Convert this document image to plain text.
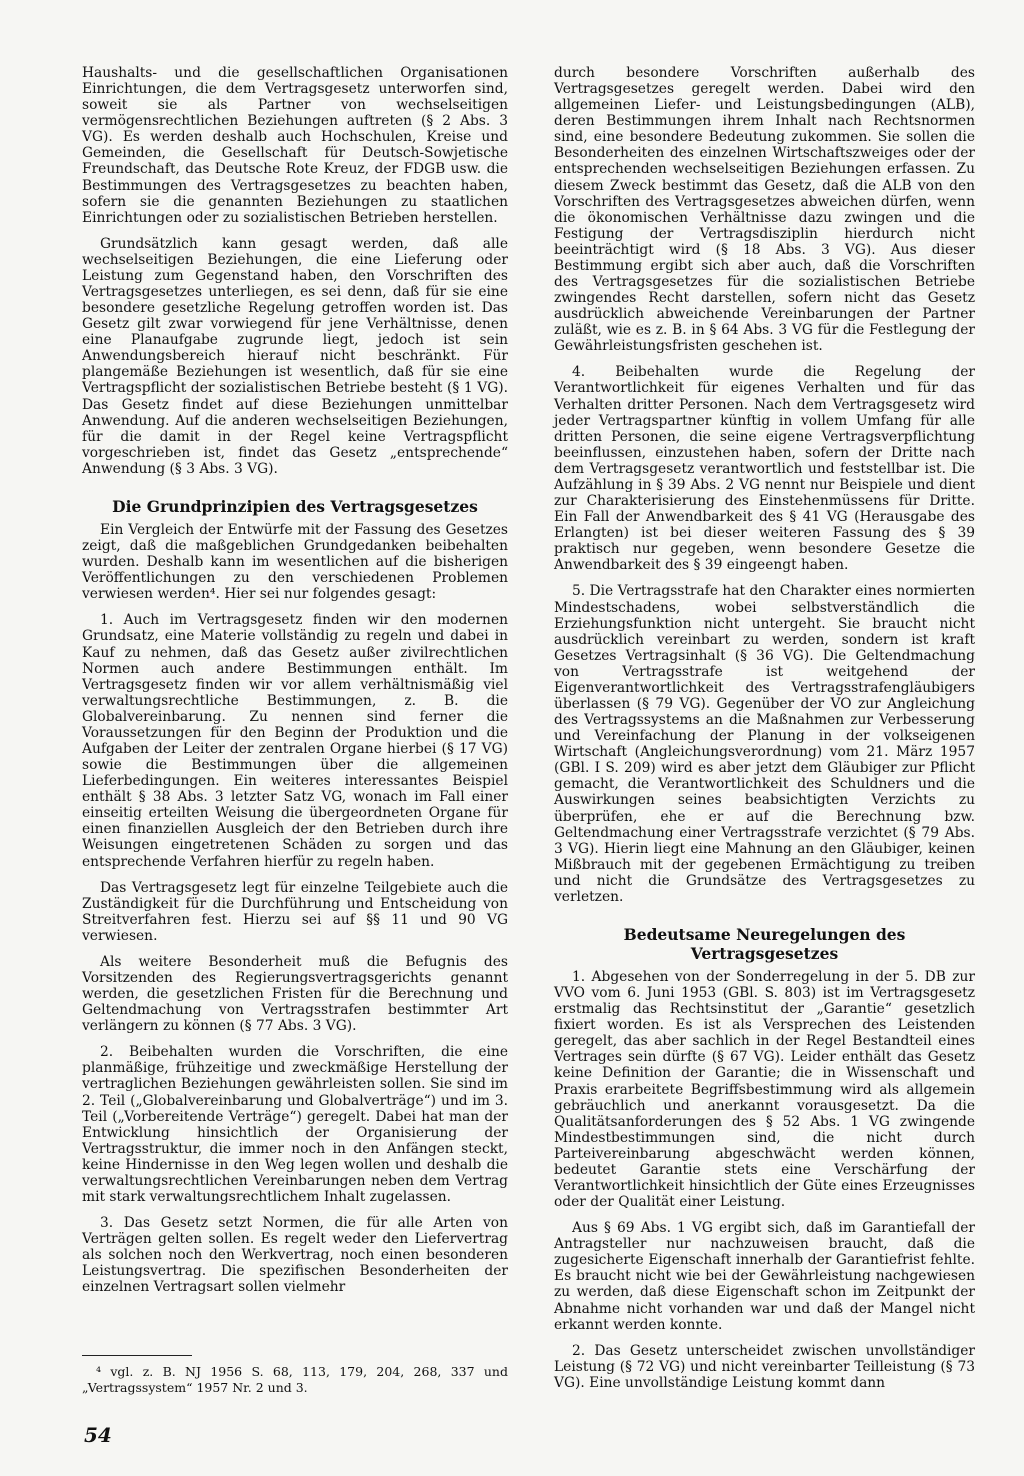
Haushalts- und die gesellschaftlichen Organisationen Einrichtungen, die dem Vertragsgesetz unterworfen sind, soweit sie als Partner von wechselseitigen vermögensrechtlichen Beziehungen auftreten (§ 2 Abs. 3 VG). Es werden deshalb auch Hochschulen, Kreise und Gemeinden, die Gesellschaft für Deutsch-Sowjetische Freundschaft, das Deutsche Rote Kreuz, der FDGB usw. die Bestimmungen des Vertragsgesetzes zu beachten haben, sofern sie die genannten Beziehungen zu staatlichen Einrichtungen oder zu sozialistischen Betrieben herstellen.

Grundsätzlich kann gesagt werden, daß alle wechselseitigen Beziehungen, die eine Lieferung oder Leistung zum Gegenstand haben, den Vorschriften des Vertragsgesetzes unterliegen, es sei denn, daß für sie eine besondere gesetzliche Regelung getroffen worden ist. Das Gesetz gilt zwar vorwiegend für jene Verhältnisse, denen eine Planaufgabe zugrunde liegt, jedoch ist sein Anwendungsbereich hierauf nicht beschränkt. Für plangemäße Beziehungen ist wesentlich, daß für sie eine Vertragspflicht der sozialistischen Betriebe besteht (§ 1 VG). Das Gesetz findet auf diese Beziehungen unmittelbar Anwendung. Auf die anderen wechselseitigen Beziehungen, für die damit in der Regel keine Vertragspflicht vorgeschrieben ist, findet das Gesetz „entsprechende“ Anwendung (§ 3 Abs. 3 VG).

Die Grundprinzipien des Vertragsgesetzes

Ein Vergleich der Entwürfe mit der Fassung des Gesetzes zeigt, daß die maßgeblichen Grundgedanken beibehalten wurden. Deshalb kann im wesentlichen auf die bisherigen Veröffentlichungen zu den verschiedenen Problemen verwiesen werden⁴. Hier sei nur folgendes gesagt:

1. Auch im Vertragsgesetz finden wir den modernen Grundsatz, eine Materie vollständig zu regeln und dabei in Kauf zu nehmen, daß das Gesetz außer zivilrechtlichen Normen auch andere Bestimmungen enthält. Im Vertragsgesetz finden wir vor allem verhältnismäßig viel verwaltungsrechtliche Bestimmungen, z. B. die Globalvereinbarung. Zu nennen sind ferner die Voraussetzungen für den Beginn der Produktion und die Aufgaben der Leiter der zentralen Organe hierbei (§ 17 VG) sowie die Bestimmungen über die allgemeinen Lieferbedingungen. Ein weiteres interessantes Beispiel enthält § 38 Abs. 3 letzter Satz VG, wonach im Fall einer einseitig erteilten Weisung die übergeordneten Organe für einen finanziellen Ausgleich der den Betrieben durch ihre Weisungen eingetretenen Schäden zu sorgen und das entsprechende Verfahren hierfür zu regeln haben.

Das Vertragsgesetz legt für einzelne Teilgebiete auch die Zuständigkeit für die Durchführung und Entscheidung von Streitverfahren fest. Hierzu sei auf §§ 11 und 90 VG verwiesen.

Als weitere Besonderheit muß die Befugnis des Vorsitzenden des Regierungsvertragsgerichts genannt werden, die gesetzlichen Fristen für die Berechnung und Geltendmachung von Vertragsstrafen bestimmter Art verlängern zu können (§ 77 Abs. 3 VG).

2. Beibehalten wurden die Vorschriften, die eine planmäßige, frühzeitige und zweckmäßige Herstellung der vertraglichen Beziehungen gewährleisten sollen. Sie sind im 2. Teil („Globalvereinbarung und Globalverträge“) und im 3. Teil („Vorbereitende Verträge“) geregelt. Dabei hat man der Entwicklung hinsichtlich der Organisierung der Vertragsstruktur, die immer noch in den Anfängen steckt, keine Hindernisse in den Weg legen wollen und deshalb die verwaltungsrechtlichen Vereinbarungen neben dem Vertrag mit stark verwaltungsrechtlichem Inhalt zugelassen.

3. Das Gesetz setzt Normen, die für alle Arten von Verträgen gelten sollen. Es regelt weder den Liefervertrag als solchen noch den Werkvertrag, noch einen besonderen Leistungsvertrag. Die spezifischen Besonderheiten der einzelnen Vertragsart sollen vielmehr

durch besondere Vorschriften außerhalb des Vertragsgesetzes geregelt werden. Dabei wird den allgemeinen Liefer- und Leistungsbedingungen (ALB), deren Bestimmungen ihrem Inhalt nach Rechtsnormen sind, eine besondere Bedeutung zukommen. Sie sollen die Besonderheiten des einzelnen Wirtschaftszweiges oder der entsprechenden wechselseitigen Beziehungen erfassen. Zu diesem Zweck bestimmt das Gesetz, daß die ALB von den Vorschriften des Vertragsgesetzes abweichen dürfen, wenn die ökonomischen Verhältnisse dazu zwingen und die Festigung der Vertragsdisziplin hierdurch nicht beeinträchtigt wird (§ 18 Abs. 3 VG). Aus dieser Bestimmung ergibt sich aber auch, daß die Vorschriften des Vertragsgesetzes für die sozialistischen Betriebe zwingendes Recht darstellen, sofern nicht das Gesetz ausdrücklich abweichende Vereinbarungen der Partner zuläßt, wie es z. B. in § 64 Abs. 3 VG für die Festlegung der Gewährleistungsfristen geschehen ist.

4. Beibehalten wurde die Regelung der Verantwortlichkeit für eigenes Verhalten und für das Verhalten dritter Personen. Nach dem Vertragsgesetz wird jeder Vertragspartner künftig in vollem Umfang für alle dritten Personen, die seine eigene Vertragsverpflichtung beeinflussen, einzustehen haben, sofern der Dritte nach dem Vertragsgesetz verantwortlich und feststellbar ist. Die Aufzählung in § 39 Abs. 2 VG nennt nur Beispiele und dient zur Charakterisierung des Einstehenmüssens für Dritte. Ein Fall der Anwendbarkeit des § 41 VG (Herausgabe des Erlangten) ist bei dieser weiteren Fassung des § 39 praktisch nur gegeben, wenn besondere Gesetze die Anwendbarkeit des § 39 eingeengt haben.

5. Die Vertragsstrafe hat den Charakter eines normierten Mindestschadens, wobei selbstverständlich die Erziehungsfunktion nicht untergeht. Sie braucht nicht ausdrücklich vereinbart zu werden, sondern ist kraft Gesetzes Vertragsinhalt (§ 36 VG). Die Geltendmachung von Vertragsstrafe ist weitgehend der Eigenverantwortlichkeit des Vertragsstrafengläubigers überlassen (§ 79 VG). Gegenüber der VO zur Angleichung des Vertragssystems an die Maßnahmen zur Verbesserung und Vereinfachung der Planung in der volkseigenen Wirtschaft (Angleichungsverordnung) vom 21. März 1957 (GBl. I S. 209) wird es aber jetzt dem Gläubiger zur Pflicht gemacht, die Verantwortlichkeit des Schuldners und die Auswirkungen seines beabsichtigten Verzichts zu überprüfen, ehe er auf die Berechnung bzw. Geltendmachung einer Vertragsstrafe verzichtet (§ 79 Abs. 3 VG). Hierin liegt eine Mahnung an den Gläubiger, keinen Mißbrauch mit der gegebenen Ermächtigung zu treiben und nicht die Grundsätze des Vertragsgesetzes zu verletzen.

Bedeutsame Neuregelungen des Vertragsgesetzes

1. Abgesehen von der Sonderregelung in der 5. DB zur VVO vom 6. Juni 1953 (GBl. S. 803) ist im Vertragsgesetz erstmalig das Rechtsinstitut der „Garantie“ gesetzlich fixiert worden. Es ist als Versprechen des Leistenden geregelt, das aber sachlich in der Regel Bestandteil eines Vertrages sein dürfte (§ 67 VG). Leider enthält das Gesetz keine Definition der Garantie; die in Wissenschaft und Praxis erarbeitete Begriffsbestimmung wird als allgemein gebräuchlich und anerkannt vorausgesetzt. Da die Qualitätsanforderungen des § 52 Abs. 1 VG zwingende Mindestbestimmungen sind, die nicht durch Parteivereinbarung abgeschwächt werden können, bedeutet Garantie stets eine Verschärfung der Verantwortlichkeit hinsichtlich der Güte eines Erzeugnisses oder der Qualität einer Leistung.

Aus § 69 Abs. 1 VG ergibt sich, daß im Garantiefall der Antragsteller nur nachzuweisen braucht, daß die zugesicherte Eigenschaft innerhalb der Garantiefrist fehlte. Es braucht nicht wie bei der Gewährleistung nachgewiesen zu werden, daß diese Eigenschaft schon im Zeitpunkt der Abnahme nicht vorhanden war und daß der Mangel nicht erkannt werden konnte.

2. Das Gesetz unterscheidet zwischen unvollständiger Leistung (§ 72 VG) und nicht vereinbarter Teilleistung (§ 73 VG). Eine unvollständige Leistung kommt dann

⁴ vgl. z. B. NJ 1956 S. 68, 113, 179, 204, 268, 337 und „Vertragssystem“ 1957 Nr. 2 und 3.
54
